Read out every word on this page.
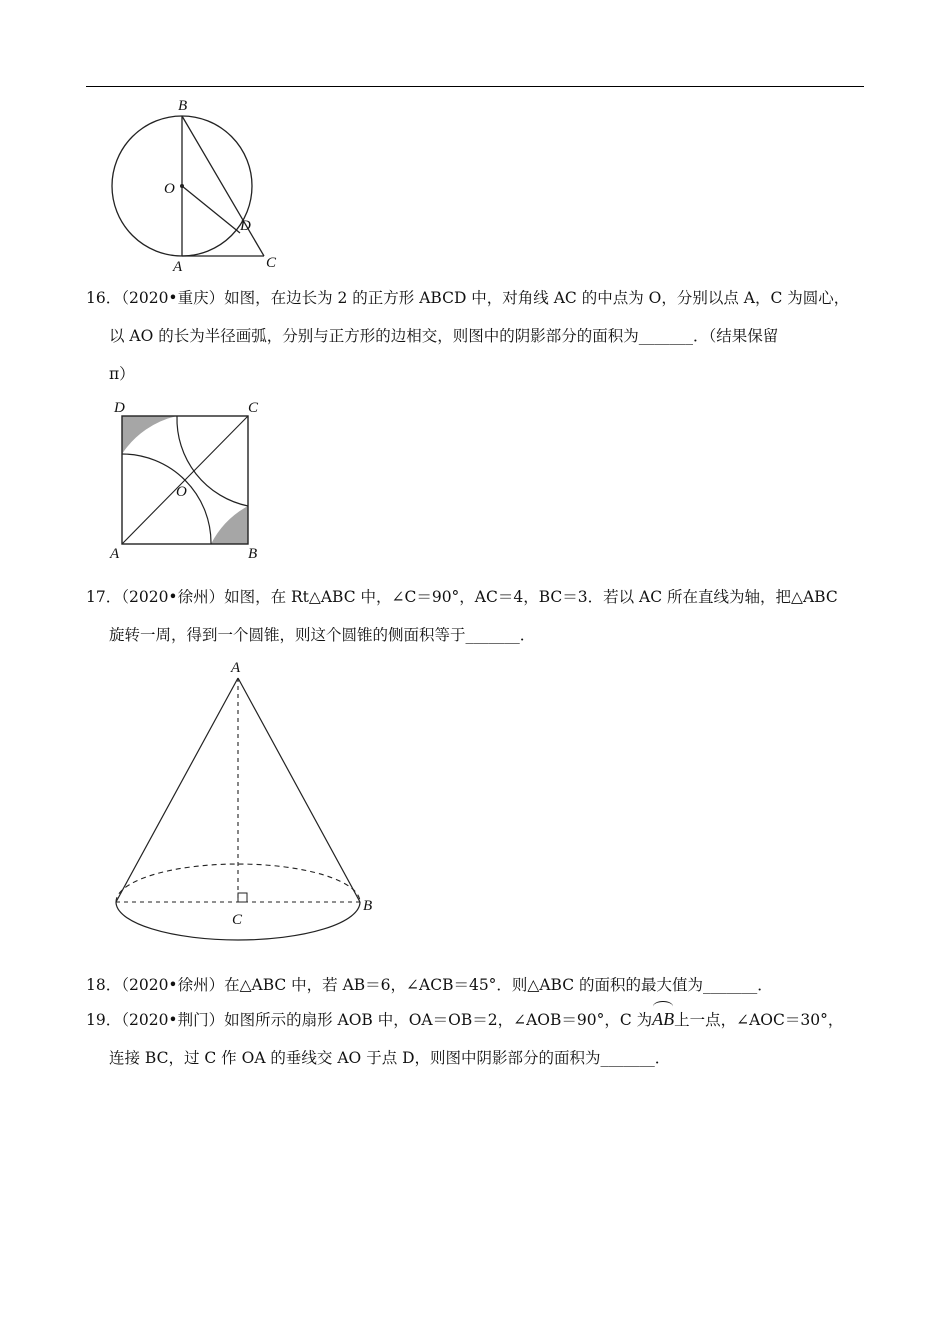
B
O
D
A	C
16．（2020•重庆）如图，在边长为 2 的正方形 ABCD 中，对角线 AC 的中点为 O，分别以点 A，C 为圆心，
以 AO 的长为半径画弧，分别与正方形的边相交，则图中的阴影部分的面积为_______．（结果保留
π）
D	C
O
A	B
17．（2020•徐州）如图，在 Rt△ABC 中，∠C＝90°，AC＝4，BC＝3．若以 AC 所在直线为轴，把△ABC
旋转一周，得到一个圆锥，则这个圆锥的侧面积等于_______．
A
B
C
18．（2020•徐州）在△ABC 中，若 AB＝6，∠ACB＝45°．则△ABC 的面积的最大值为_______．
19．（2020•荆门）如图所示的扇形 AOB 中，OA＝OB＝2，∠AOB＝90°，C 为AB上一点，∠AOC＝30°，
连接 BC，过 C 作 OA 的垂线交 AO 于点 D，则图中阴影部分的面积为_______．
